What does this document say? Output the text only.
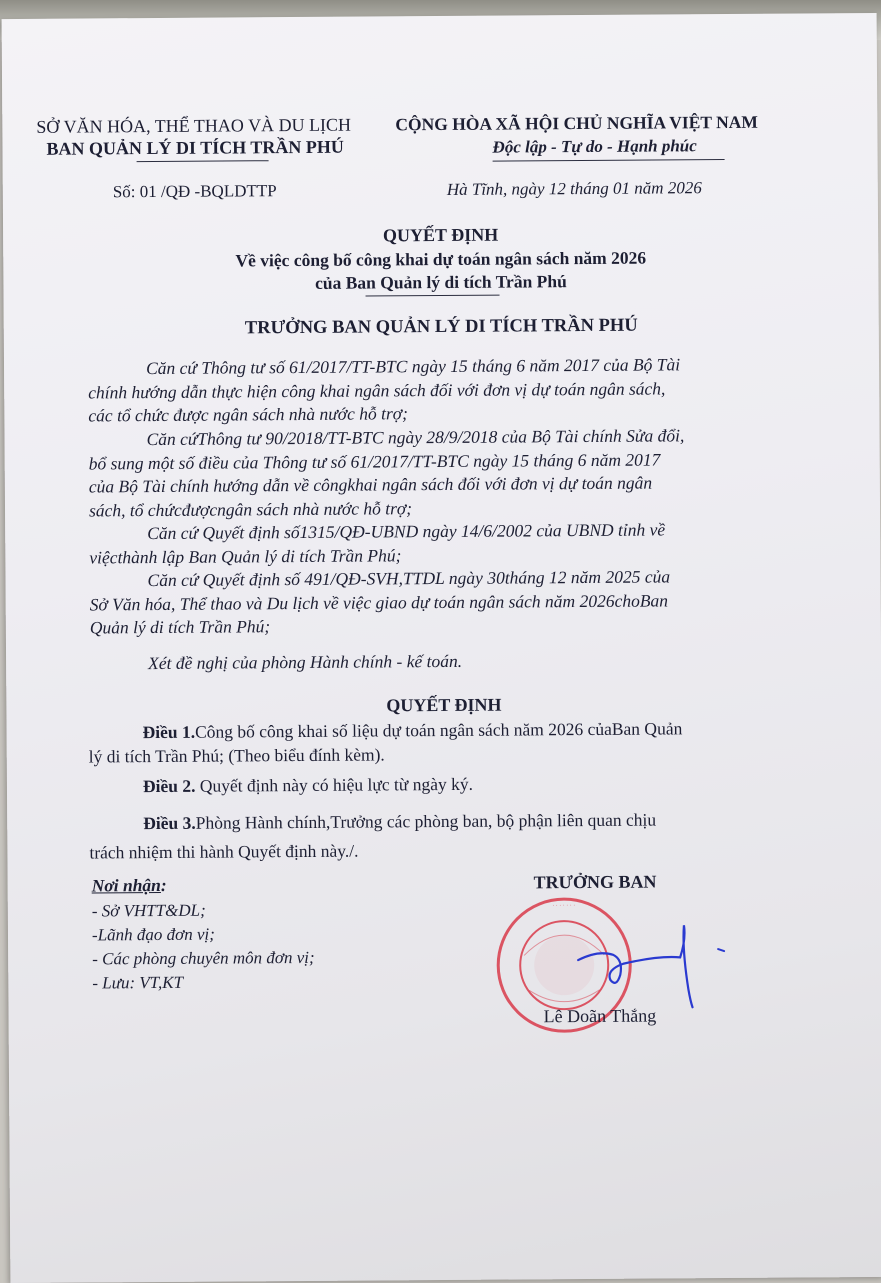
SỞ VĂN HÓA, THỂ THAO VÀ DU LỊCH
BAN QUẢN LÝ DI TÍCH TRẦN PHÚ
CỘNG HÒA XÃ HỘI CHỦ NGHĨA VIỆT NAM
Độc lập - Tự do - Hạnh phúc
Số: 01 /QĐ -BQLDTTP	Hà Tĩnh, ngày 12 tháng 01 năm 2026
QUYẾT ĐỊNH
Về việc công bố công khai dự toán ngân sách năm 2026
của Ban Quản lý di tích Trần Phú
TRƯỞNG BAN QUẢN LÝ DI TÍCH TRẦN PHÚ
Căn cứ Thông tư số 61/2017/TT-BTC ngày 15 tháng 6 năm 2017 của Bộ Tài
chính hướng dẫn thực hiện công khai ngân sách đối với đơn vị dự toán ngân sách,
các tổ chức được ngân sách nhà nước hỗ trợ;
Căn cứThông tư 90/2018/TT-BTC ngày 28/9/2018 của Bộ Tài chính Sửa đổi,
bổ sung một số điều của Thông tư số 61/2017/TT-BTC ngày 15 tháng 6 năm 2017
của Bộ Tài chính hướng dẫn về côngkhai ngân sách đối với đơn vị dự toán ngân
sách, tổ chứcđượcngân sách nhà nước hỗ trợ;
Căn cứ Quyết định số1315/QĐ-UBND ngày 14/6/2002 của UBND tỉnh về
việcthành lập Ban Quản lý di tích Trần Phú;
Căn cứ Quyết định số 491/QĐ-SVH,TTDL ngày 30tháng 12 năm 2025 của
Sở Văn hóa, Thể thao và Du lịch về việc giao dự toán ngân sách năm 2026choBan
Quản lý di tích Trần Phú;
Xét đề nghị của phòng Hành chính - kế toán.
QUYẾT ĐỊNH
Điều 1.Công bố công khai số liệu dự toán ngân sách năm 2026 củaBan Quản
lý di tích Trần Phú; (Theo biểu đính kèm).
Điều 2. Quyết định này có hiệu lực từ ngày ký.
Điều 3.Phòng Hành chính,Trưởng các phòng ban, bộ phận liên quan chịu
trách nhiệm thi hành Quyết định này./.
Nơi nhận:
- Sở VHTT&DL;
-Lãnh đạo đơn vị;
- Các phòng chuyên môn đơn vị;
- Lưu: VT,KT
TRƯỞNG BAN
· · · · · · ·
Lê Doãn Thắng
